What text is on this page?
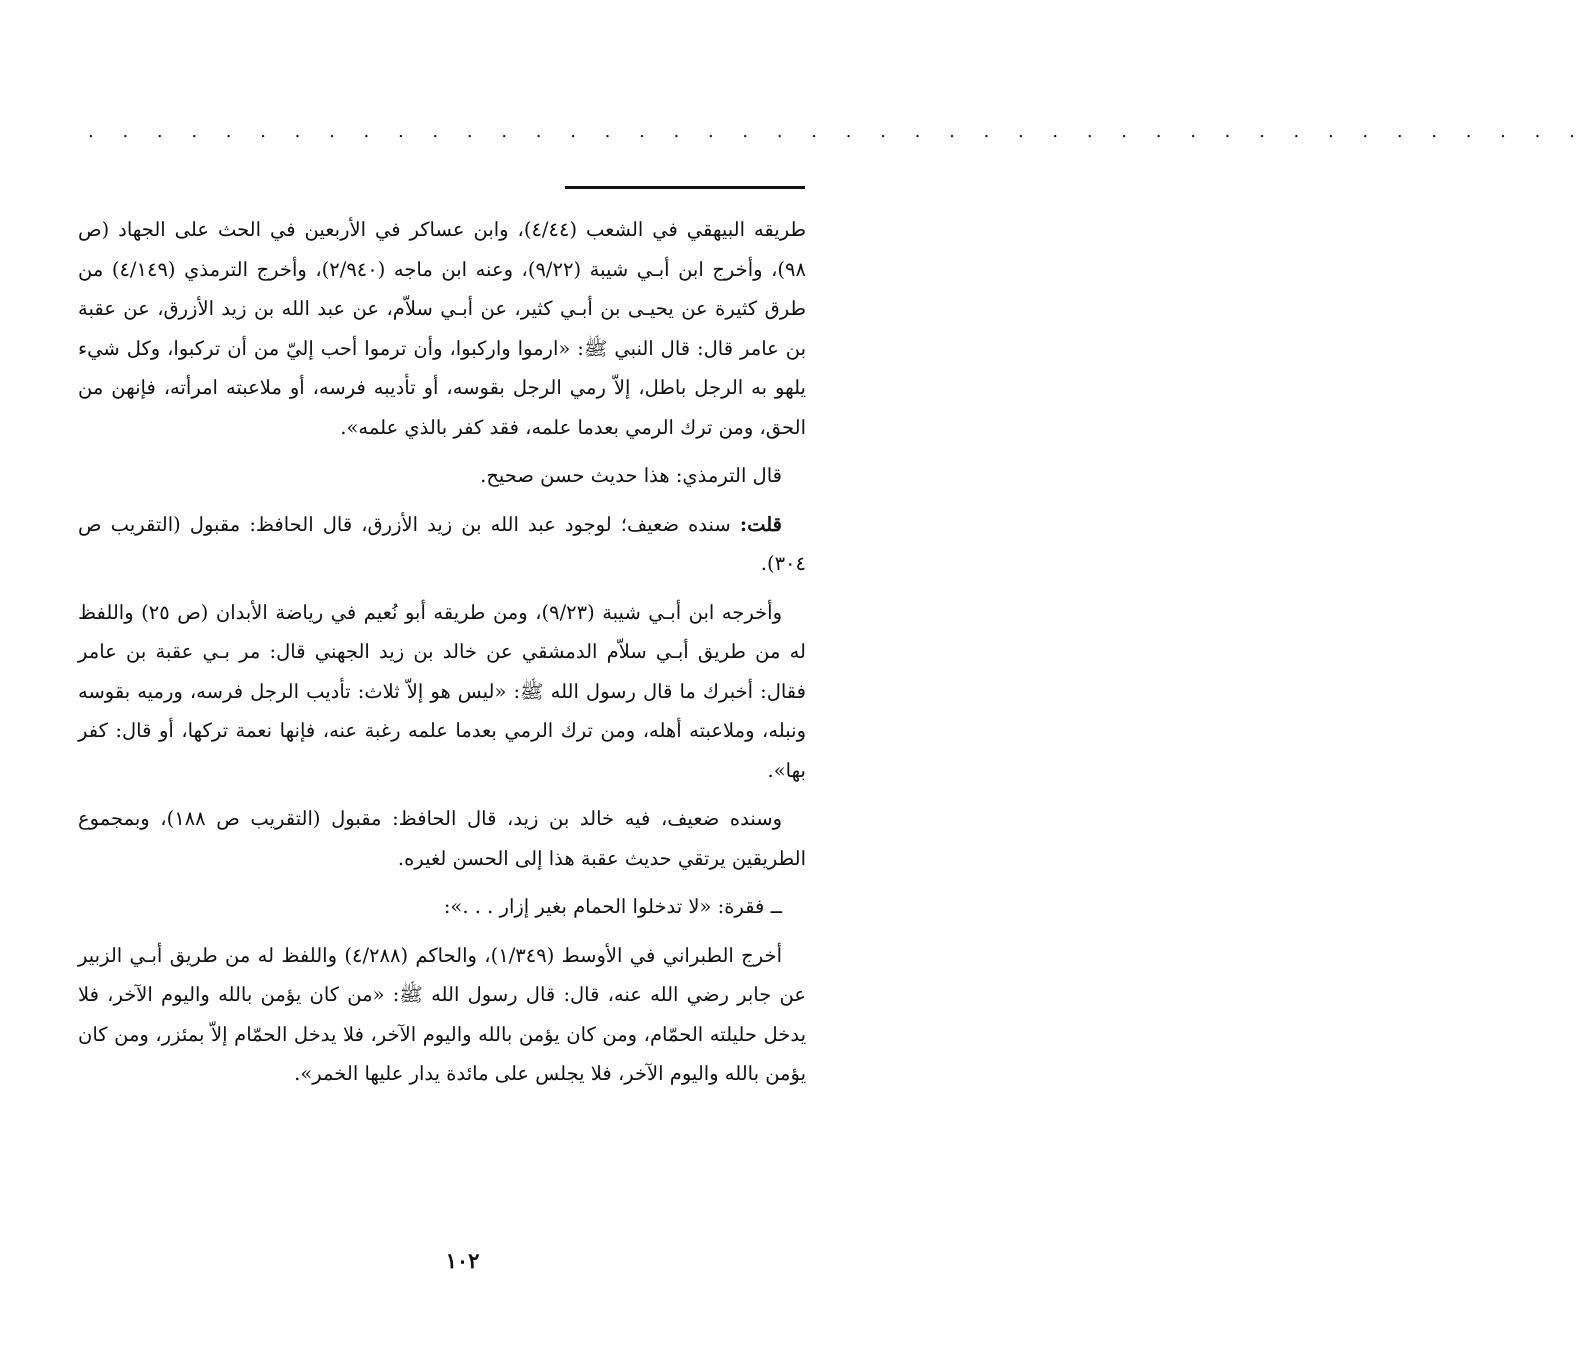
. . . . . . . . . . . . . . . . . . . . . . . . . . . . . . . . . . . . . . . . . . . .

طريقه البيهقي في الشعب (٤/٤٤)، وابن عساكر في الأربعين في الحث على الجهاد (ص ٩٨)، وأخرج ابن أبـي شيبة (٩/٢٢)، وعنه ابن ماجه (٢/٩٤٠)، وأخرج الترمذي (٤/١٤٩) من طرق كثيرة عن يحيـى بن أبـي كثير، عن أبـي سلاّم، عن عبد الله بن زيد الأزرق، عن عقبة بن عامر قال: قال النبي ﷺ: «ارموا واركبوا، وأن ترموا أحب إليّ من أن تركبوا، وكل شيء يلهو به الرجل باطل، إلاّ رمي الرجل بقوسه، أو تأديبه فرسه، أو ملاعبته امرأته، فإنهن من الحق، ومن ترك الرمي بعدما علمه، فقد كفر بالذي علمه».

قال الترمذي: هذا حديث حسن صحيح.

قلت: سنده ضعيف؛ لوجود عبد الله بن زيد الأزرق، قال الحافظ: مقبول (التقريب ص ٣٠٤).

وأخرجه ابن أبـي شيبة (٩/٢٣)، ومن طريقه أبو نُعيم في رياضة الأبدان (ص ٢٥) واللفظ له من طريق أبـي سلاّم الدمشقي عن خالد بن زيد الجهني قال: مر بـي عقبة بن عامر فقال: أخبرك ما قال رسول الله ﷺ: «ليس هو إلاّ ثلاث: تأديب الرجل فرسه، ورميه بقوسه ونبله، وملاعبته أهله، ومن ترك الرمي بعدما علمه رغبة عنه، فإنها نعمة تركها، أو قال: كفر بها».

وسنده ضعيف، فيه خالد بن زيد، قال الحافظ: مقبول (التقريب ص ١٨٨)، وبمجموع الطريقين يرتقي حديث عقبة هذا إلى الحسن لغيره.

ــ فقرة: «لا تدخلوا الحمام بغير إزار . . .»:

أخرج الطبراني في الأوسط (١/٣٤٩)، والحاكم (٤/٢٨٨) واللفظ له من طريق أبـي الزبير عن جابر رضي الله عنه، قال: قال رسول الله ﷺ: «من كان يؤمن بالله واليوم الآخر، فلا يدخل حليلته الحمّام، ومن كان يؤمن بالله واليوم الآخر، فلا يدخل الحمّام إلاّ بمئزر، ومن كان يؤمن بالله واليوم الآخر، فلا يجلس على مائدة يدار عليها الخمر».

١٠٢
